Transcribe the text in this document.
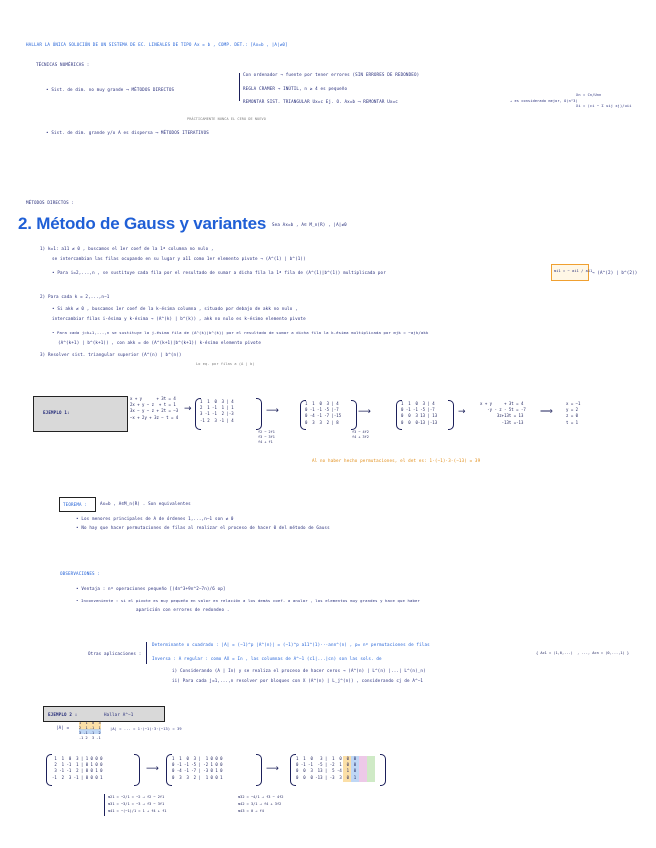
HALLAR LA ÚNICA SOLUCIÓN DE UN SISTEMA DE EC. LINEALES DE TIPO Ax = b , COMP. DET.: [Ax=b , |A|≠0]
TÉCNICAS NUMÉRICAS :
• Sist. de dim. no muy grande ⟶ MÉTODOS DIRECTOS
Con ordenador → fuente por tener errores (SIN ERRORES DE REDONDEO)
REGLA CRAMER → INÚTIL, n ≥ 4 es pequeño
REMONTAR SIST. TRIANGULAR Ux=c Ej. O. Ax=b ⟶ REMONTAR Ux=c	→ es considerado mejor, O(n^3)
Xn = Cn/Unn
Xi = (ci − Σ uij xj)/uii
PRÁCTICAMENTE NUNCA EL CERO DE NUEVO
• Sist. de dim. grande y/o A es dispersa ⟶ MÉTODOS ITERATIVOS
MÉTODOS DIRECTOS :
2. Método de Gauss y variantes Sea Ax=b , A∈ M_n(R) , |A|≠0
1) k=1: a11 ≠ 0 , buscamos el 1er coef de la 1ª columna no nulo ,
se intercambian las filas ocupando en su lugar y a11 como 1er elemento pivote → (A^(1) | b^(1))
• Para i=2,...,n , se sustituye cada fila por el resultado de sumar a dicha fila la 1ª fila de (A^(1)|b^(1)) multiplicada por	mi1 = − ai1 / a11 → (A^(2) | b^(2))
2) Para cada k = 2,...,n−1
• Si akk ≠ 0 , buscamos 1er coef de la k-ésima columna , situado por debajo de akk no nulo ,
intercambiar filas i-ésima y k-ésima → (A^(k) | b^(k)) , akk no nulo es k-ésimo elemento pivote
• Para cada j=k+1,...,n se sustituye la j-ésima fila de (A^(k)|b^(k)) por el resultado de sumar a dicha fila la k-ésima multiplicada por mjk = −ajk/akk
(A^(k+1) | b^(k+1)) , con akk = de (A^(k+1)|b^(k+1)) k-ésimo elemento pivote
3) Resolver sist. triangular superior (A^(n) | b^(n))
Lo eq. por filas a (A | b)
EJEMPLO 1:
x + y      + 3t = 4
2x + y − z  + t = 1
3x − y − z + 2t = −3
−x + 2y + 3z − t = 4
→
1  1  0  3 | 4
2  1 -1  1 | 1
3 -1 -1  2 |-3
-1 2  3 -1 | 4
⟶
f2 − 2f1
f3 − 3f1
f4 + f1
1  1  0  3 | 4
0 -1 -1 -5 |-7
0 -4 -1 -7 |-15
0  3  3  2 | 8
⟶
f3 − 4f2
f4 + 3f2
1  1  0  3 | 4
0 -1 -1 -5 |-7
0  0  3 13 | 13
0  0  0-13 |-13
→
x + y     + 3t = 4
-y - z - 5t = -7
3z+13t = 13
-13t =-13
⟹
x = −1
y = 2
z = 0
t = 1
Al no haber hecho permutaciones, el det es: 1·(−1)·3·(−13) = 39
TEOREMA :	Ax=b , A∈M_n(R) . Son equivalentes
• Los menores principales de A de órdenes 1,...,n−1 son ≠ 0
• No hay que hacer permutaciones de filas al realizar el proceso de hacer 0 del método de Gauss
OBSERVACIONES :
• Ventaja : nº operaciones pequeño [(4n^3+9n^2−7n)/6 op]
• Inconveniente : si el pivote es muy pequeño en valor en relación a los demás coef. a anular , los elementos muy grandes y hace que haber
aparición con errores de redondeo .
Otras aplicaciones :
Determinante o cuadrado : |A| = (−1)^p |A^(n)| = (−1)^p a11^(1)···ann^(n) , p= nº permutaciones de filas
Inversa : A regular : como AX = In , las columnas de A^−1 (c1|...|cn) son las sols. de
{ Ac1 = (1,0,...)  , ..., Acn = (0,...,1) }
i) Considerando (A | In) y se realiza el proceso de hacer ceros → (A^(n) | L^(n) |...| L^(n)_n)
ii) Para cada j=1,...,n resolver por bloques con X (A^(n) | L_j^(n)) , considerando cj de A^−1
EJEMPLO 2 :	Hallar A^−1
|A| =
1  1  0  3
2  1 -1  1
3 -1 -1  2
-1 2  3 -1
|A| = ... = 1·(−1)·3·(−13) = 39
1  1  0  3 | 1 0 0 0
2  1 -1  1 | 0 1 0 0
3 -1 -1  2 | 0 0 1 0
-1  2  3 -1 | 0 0 0 1
⟶
1  1  0  3 |  1 0 0 0
0 -1 -1 -5 | -2 1 0 0
0 -4 -1 -7 | -3 0 1 0
0  3  3  2 |  1 0 0 1
⟶
1  1  0   3 |  1  0  0  0
0 -1 -1  -5 | -2  1  0  0
0  0  3  13 |  5 -4  1  0
0  0  0 -13 | -3  3  0  1
m21 = −2/1 = −2 → f2 − 2f1
m31 = −3/1 = −3 → f3 − 3f1
m41 = −(−1)/1 = 1 → f4 + f1
m32 = −4/1 → f3 − 4f2
m42 = 3/1 → f4 + 3f2
m43 = 0 → f4
